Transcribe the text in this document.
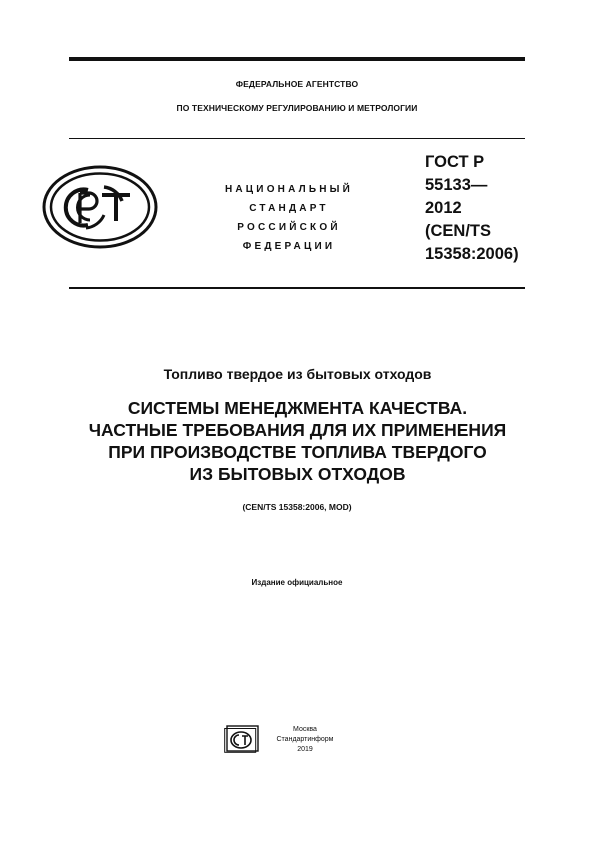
ФЕДЕРАЛЬНОЕ АГЕНТСТВО
ПО ТЕХНИЧЕСКОМУ РЕГУЛИРОВАНИЮ И МЕТРОЛОГИИ
НАЦИОНАЛЬНЫЙ
СТАНДАРТ
РОССИЙСКОЙ
ФЕДЕРАЦИИ
ГОСТ Р
55133—
2012
(CEN/TS
15358:2006)
Топливо твердое из бытовых отходов
СИСТЕМЫ МЕНЕДЖМЕНТА КАЧЕСТВА.
ЧАСТНЫЕ ТРЕБОВАНИЯ ДЛЯ ИХ ПРИМЕНЕНИЯ
ПРИ ПРОИЗВОДСТВЕ ТОПЛИВА ТВЕРДОГО
ИЗ БЫТОВЫХ ОТХОДОВ
(CEN/TS 15358:2006, MOD)
Издание официальное
Москва
Стандартинформ
2019
